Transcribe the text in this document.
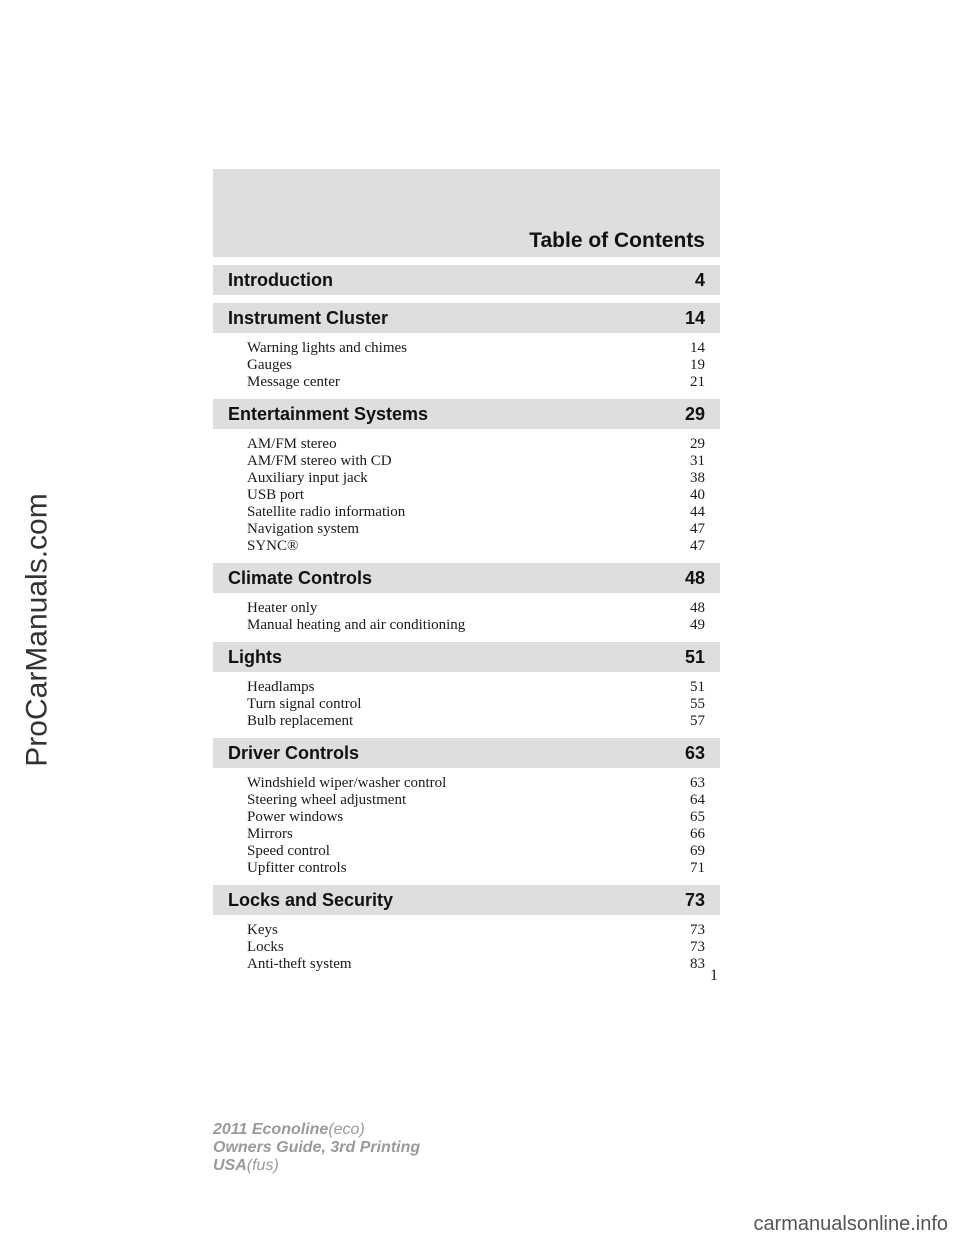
ProCarManuals.com
Table of Contents
Introduction	4
Instrument Cluster	14
Warning lights and chimes	14
Gauges	19
Message center	21
Entertainment Systems	29
AM/FM stereo	29
AM/FM stereo with CD	31
Auxiliary input jack	38
USB port	40
Satellite radio information	44
Navigation system	47
SYNC®	47
Climate Controls	48
Heater only	48
Manual heating and air conditioning	49
Lights	51
Headlamps	51
Turn signal control	55
Bulb replacement	57
Driver Controls	63
Windshield wiper/washer control	63
Steering wheel adjustment	64
Power windows	65
Mirrors	66
Speed control	69
Upfitter controls	71
Locks and Security	73
Keys	73
Locks	73
Anti-theft system	83
1
2011 Econoline(eco)
Owners Guide, 3rd Printing
USA(fus)
carmanualsonline.info
